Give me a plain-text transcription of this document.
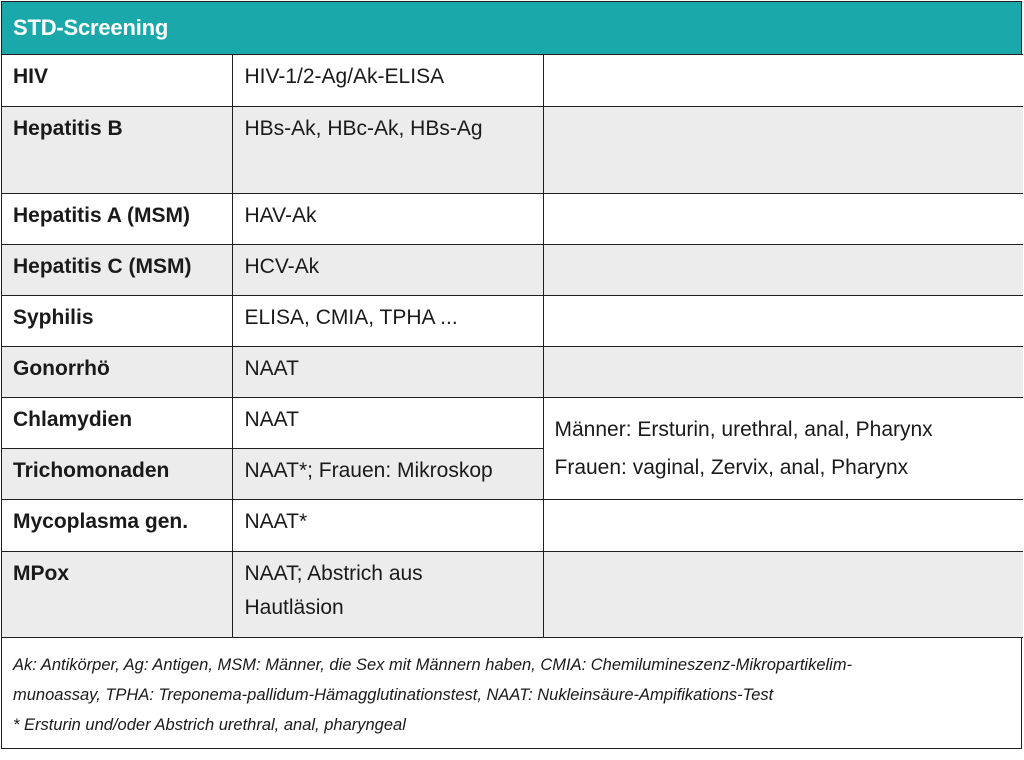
STD-Screening
HIV	HIV-1/2-Ag/Ak-ELISA	

Hepatitis B	HBs-Ak, HBc-Ak, HBs-Ag	

Hepatitis A (MSM)	HAV-Ak	

Hepatitis C (MSM)	HCV-Ak	

Syphilis	ELISA, CMIA, TPHA ...	

Gonorrhö	NAAT	

Chlamydien	NAAT	Männer: Ersturin, urethral, anal, Pharynx
Frauen: vaginal, Zervix, anal, Pharynx

Trichomonaden	NAAT*; Frauen: Mikroskop	

Mycoplasma gen.	NAAT*	

MPox	NAAT; Abstrich aus
Hautläsion	

Ak: Antikörper, Ag: Antigen, MSM: Männer, die Sex mit Männern haben, CMIA: Chemilumineszenz-Mikropartikelim-
munoassay, TPHA: Treponema-pallidum-Hämagglutinationstest, NAAT: Nukleinsäure-Ampifikations-Test
* Ersturin und/oder Abstrich urethral, anal, pharyngeal
